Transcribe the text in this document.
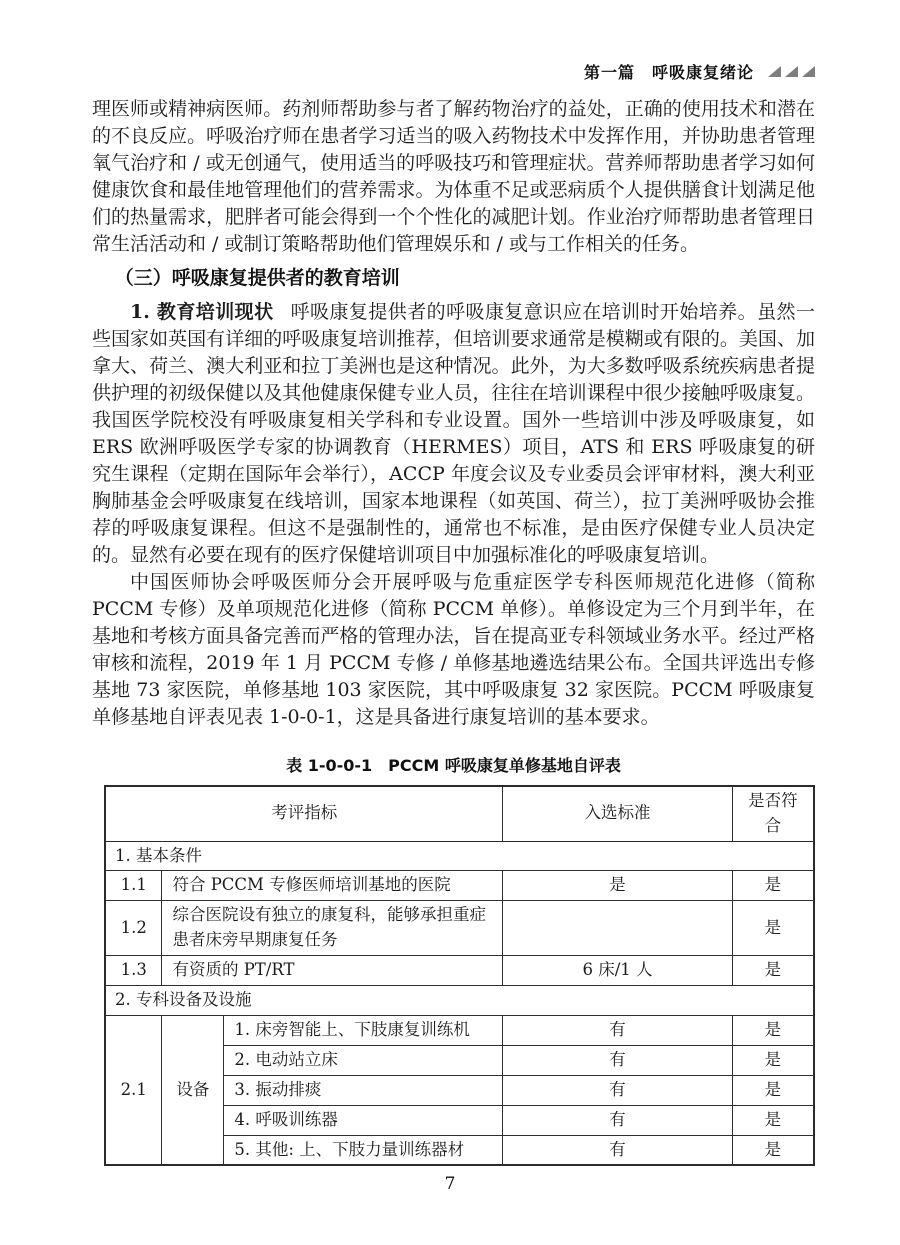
第一篇　呼吸康复绪论

理医师或精神病医师。药剂师帮助参与者了解药物治疗的益处，正确的使用技术和潜在的不良反应。呼吸治疗师在患者学习适当的吸入药物技术中发挥作用，并协助患者管理氧气治疗和 / 或无创通气，使用适当的呼吸技巧和管理症状。营养师帮助患者学习如何健康饮食和最佳地管理他们的营养需求。为体重不足或恶病质个人提供膳食计划满足他们的热量需求，肥胖者可能会得到一个个性化的减肥计划。作业治疗师帮助患者管理日常生活活动和 / 或制订策略帮助他们管理娱乐和 / 或与工作相关的任务。

（三）呼吸康复提供者的教育培训

1. 教育培训现状 呼吸康复提供者的呼吸康复意识应在培训时开始培养。虽然一些国家如英国有详细的呼吸康复培训推荐，但培训要求通常是模糊或有限的。美国、加拿大、荷兰、澳大利亚和拉丁美洲也是这种情况。此外，为大多数呼吸系统疾病患者提供护理的初级保健以及其他健康保健专业人员，往往在培训课程中很少接触呼吸康复。我国医学院校没有呼吸康复相关学科和专业设置。国外一些培训中涉及呼吸康复，如 ERS 欧洲呼吸医学专家的协调教育（HERMES）项目，ATS 和 ERS 呼吸康复的研究生课程（定期在国际年会举行），ACCP 年度会议及专业委员会评审材料，澳大利亚胸肺基金会呼吸康复在线培训，国家本地课程（如英国、荷兰），拉丁美洲呼吸协会推荐的呼吸康复课程。但这不是强制性的，通常也不标准，是由医疗保健专业人员决定的。显然有必要在现有的医疗保健培训项目中加强标准化的呼吸康复培训。

中国医师协会呼吸医师分会开展呼吸与危重症医学专科医师规范化进修（简称 PCCM 专修）及单项规范化进修（简称 PCCM 单修）。单修设定为三个月到半年，在基地和考核方面具备完善而严格的管理办法，旨在提高亚专科领域业务水平。经过严格审核和流程，2019 年 1 月 PCCM 专修 / 单修基地遴选结果公布。全国共评选出专修基地 73 家医院，单修基地 103 家医院，其中呼吸康复 32 家医院。PCCM 呼吸康复单修基地自评表见表 1-0-0-1，这是具备进行康复培训的基本要求。

表 1-0-0-1　PCCM 呼吸康复单修基地自评表
考评指标			入选标准	是否符合
1. 基本条件				
1.1	符合 PCCM 专修医师培训基地的医院		是	是
1.2	综合医院设有独立的康复科，能够承担重症患者床旁早期康复任务			是
1.3	有资质的 PT/RT		6 床/1 人	是
2. 专科设备及设施				
2.1	设备	1. 床旁智能上、下肢康复训练机	有	是
		2. 电动站立床	有	是
		3. 振动排痰	有	是
		4. 呼吸训练器	有	是
		5. 其他: 上、下肢力量训练器材	有	是
7
